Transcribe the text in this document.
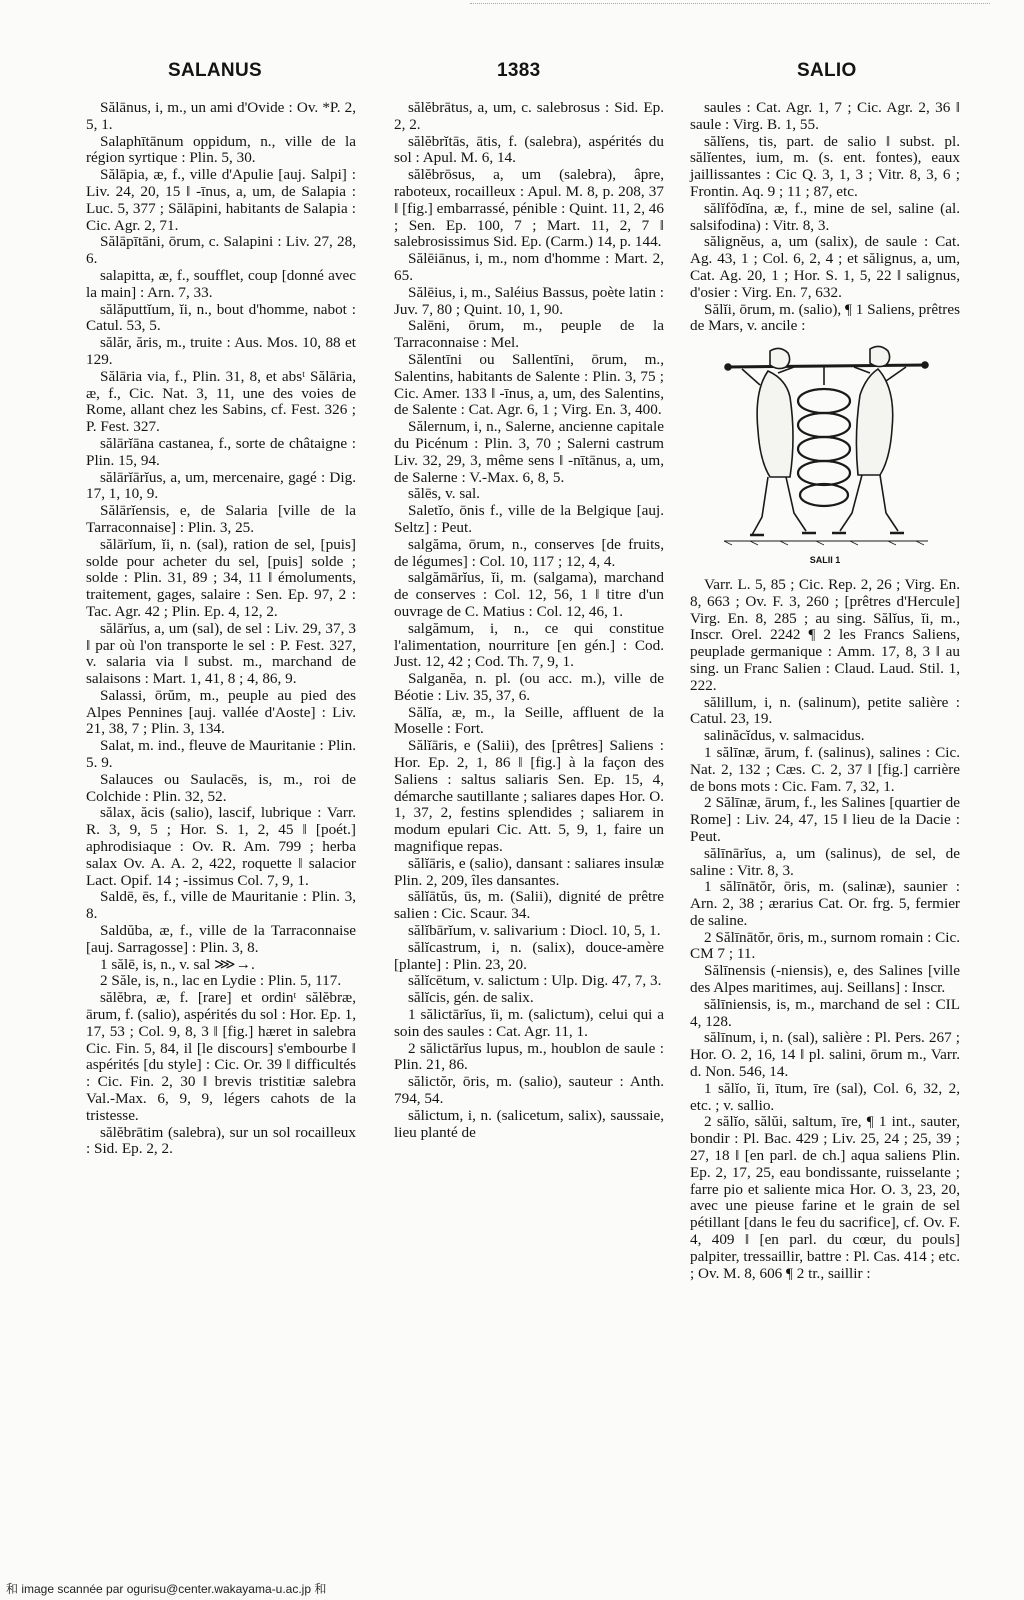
SALANUS	1383	SALIO

Sălānus, i, m., un ami d'Ovide : Ov. *P. 2, 5, 1.

Salaphītānum oppidum, n., ville de la région syrtique : Plin. 5, 30.

Sălāpia, æ, f., ville d'Apulie [auj. Salpi] : Liv. 24, 20, 15 ‖ -īnus, a, um, de Salapia : Luc. 5, 377 ; Sălāpini, habitants de Salapia : Cic. Agr. 2, 71.

Sălāpītāni, ōrum, c. Salapini : Liv. 27, 28, 6.

salapitta, æ, f., soufflet, coup [donné avec la main] : Arn. 7, 33.

sălăputtĭum, ĭi, n., bout d'homme, nabot : Catul. 53, 5.

sălăr, ăris, m., truite : Aus. Mos. 10, 88 et 129.

Sălāria via, f., Plin. 31, 8, et absᵗ Sălāria, æ, f., Cic. Nat. 3, 11, une des voies de Rome, allant chez les Sabins, cf. Fest. 326 ; P. Fest. 327.

sălārĭāna castanea, f., sorte de châtaigne : Plin. 15, 94.

sălārĭārĭus, a, um, mercenaire, gagé : Dig. 17, 1, 10, 9.

Sălārĭensis, e, de Salaria [ville de la Tarraconnaise] : Plin. 3, 25.

sălārĭum, ĭi, n. (sal), ration de sel, [puis] solde pour acheter du sel, [puis] solde ; solde : Plin. 31, 89 ; 34, 11 ‖ émoluments, traitement, gages, salaire : Sen. Ep. 97, 2 : Tac. Agr. 42 ; Plin. Ep. 4, 12, 2.

sălārĭus, a, um (sal), de sel : Liv. 29, 37, 3 ‖ par où l'on transporte le sel : P. Fest. 327, v. salaria via ‖ subst. m., marchand de salaisons : Mart. 1, 41, 8 ; 4, 86, 9.

Salassi, ōrŭm, m., peuple au pied des Alpes Pennines [auj. vallée d'Aoste] : Liv. 21, 38, 7 ; Plin. 3, 134.

Salat, m. ind., fleuve de Mauritanie : Plin. 5. 9.

Salauces ou Saulacēs, is, m., roi de Colchide : Plin. 32, 52.

sălax, ăcis (salio), lascif, lubrique : Varr. R. 3, 9, 5 ; Hor. S. 1, 2, 45 ‖ [poét.] aphrodisiaque : Ov. R. Am. 799 ; herba salax Ov. A. A. 2, 422, roquette ‖ salacior Lact. Opif. 14 ; -issimus Col. 7, 9, 1.

Saldē, ēs, f., ville de Mauritanie : Plin. 3, 8.

Saldŭba, æ, f., ville de la Tarraconnaise [auj. Sarragosse] : Plin. 3, 8.

1 sălē, is, n., v. sal ⋙→.

2 Săle, is, n., lac en Lydie : Plin. 5, 117.

sălĕbra, æ, f. [rare] et ordinᵗ sălĕbræ, ārum, f. (salio), aspérités du sol : Hor. Ep. 1, 17, 53 ; Col. 9, 8, 3 ‖ [fig.] hæret in salebra Cic. Fin. 5, 84, il [le discours] s'embourbe ‖ aspérités [du style] : Cic. Or. 39 ‖ difficultés : Cic. Fin. 2, 30 ‖ brevis tristitiæ salebra Val.-Max. 6, 9, 9, légers cahots de la tristesse.

sălĕbrātim (salebra), sur un sol rocailleux : Sid. Ep. 2, 2.

sălĕbrātus, a, um, c. salebrosus : Sid. Ep. 2, 2.

sălĕbrĭtās, ātis, f. (salebra), aspérités du sol : Apul. M. 6, 14.

sălĕbrōsus, a, um (salebra), âpre, raboteux, rocailleux : Apul. M. 8, p. 208, 37 ‖ [fig.] embarrassé, pénible : Quint. 11, 2, 46 ; Sen. Ep. 100, 7 ; Mart. 11, 2, 7 ‖ salebrosissimus Sid. Ep. (Carm.) 14, p. 144.

Sălēiānus, i, m., nom d'homme : Mart. 2, 65.

Sălēius, i, m., Saléius Bassus, poète latin : Juv. 7, 80 ; Quint. 10, 1, 90.

Salēni, ōrum, m., peuple de la Tarraconnaise : Mel.

Sălentīni ou Sallentīni, ōrum, m., Salentins, habitants de Salente : Plin. 3, 75 ; Cic. Amer. 133 ‖ -īnus, a, um, des Salentins, de Salente : Cat. Agr. 6, 1 ; Virg. En. 3, 400.

Sălernum, i, n., Salerne, ancienne capitale du Picénum : Plin. 3, 70 ; Salerni castrum Liv. 32, 29, 3, même sens ‖ -nītānus, a, um, de Salerne : V.-Max. 6, 8, 5.

sălēs, v. sal.

Saletĭo, ōnis f., ville de la Belgique [auj. Seltz] : Peut.

salgăma, ōrum, n., conserves [de fruits, de légumes] : Col. 10, 117 ; 12, 4, 4.

salgămārĭus, ĭi, m. (salgama), marchand de conserves : Col. 12, 56, 1 ‖ titre d'un ouvrage de C. Matius : Col. 12, 46, 1.

salgămum, i, n., ce qui constitue l'alimentation, nourriture [en gén.] : Cod. Just. 12, 42 ; Cod. Th. 7, 9, 1.

Salganĕa, n. pl. (ou acc. m.), ville de Béotie : Liv. 35, 37, 6.

Sălĭa, æ, m., la Seille, affluent de la Moselle : Fort.

Sălĭāris, e (Salii), des [prêtres] Saliens : Hor. Ep. 2, 1, 86 ‖ [fig.] à la façon des Saliens : saltus saliaris Sen. Ep. 15, 4, démarche sautillante ; saliares dapes Hor. O. 1, 37, 2, festins splendides ; saliarem in modum epulari Cic. Att. 5, 9, 1, faire un magnifique repas.

sălĭāris, e (salio), dansant : saliares insulæ Plin. 2, 209, îles dansantes.

sălĭātŭs, ūs, m. (Salii), dignité de prêtre salien : Cic. Scaur. 34.

sălĭbārĭum, v. salivarium : Diocl. 10, 5, 1.

sălĭcastrum, i, n. (salix), douce-amère [plante] : Plin. 23, 20.

sălĭcētum, v. salictum : Ulp. Dig. 47, 7, 3.

sălĭcis, gén. de salix.

1 sălictārĭus, ĭi, m. (salictum), celui qui a soin des saules : Cat. Agr. 11, 1.

2 sălictārĭus lupus, m., houblon de saule : Plin. 21, 86.

sălictŏr, ōris, m. (salio), sauteur : Anth. 794, 54.

sălictum, i, n. (salicetum, salix), saussaie, lieu planté de

saules : Cat. Agr. 1, 7 ; Cic. Agr. 2, 36 ‖ saule : Virg. B. 1, 55.

sălĭens, tis, part. de salio ‖ subst. pl. sălĭentes, ium, m. (s. ent. fontes), eaux jaillissantes : Cic Q. 3, 1, 3 ; Vitr. 8, 3, 6 ; Frontin. Aq. 9 ; 11 ; 87, etc.

sălĭfŏdĭna, æ, f., mine de sel, saline (al. salsifodina) : Vitr. 8, 3.

sălignĕus, a, um (salix), de saule : Cat. Ag. 43, 1 ; Col. 6, 2, 4 ; et sălignus, a, um, Cat. Ag. 20, 1 ; Hor. S. 1, 5, 22 ‖ salignus, d'osier : Virg. En. 7, 632.

Sălĭi, ōrum, m. (salio), ¶ 1 Saliens, prêtres de Mars, v. ancile :

SALII 1

Varr. L. 5, 85 ; Cic. Rep. 2, 26 ; Virg. En. 8, 663 ; Ov. F. 3, 260 ; [prêtres d'Hercule] Virg. En. 8, 285 ; au sing. Sălĭus, ĭi, m., Inscr. Orel. 2242 ¶ 2 les Francs Saliens, peuplade germanique : Amm. 17, 8, 3 ‖ au sing. un Franc Salien : Claud. Laud. Stil. 1, 222.

sălillum, i, n. (salinum), petite salière : Catul. 23, 19.

salinăcĭdus, v. salmacidus.

1 sălīnæ, ārum, f. (salinus), salines : Cic. Nat. 2, 132 ; Cæs. C. 2, 37 ‖ [fig.] carrière de bons mots : Cic. Fam. 7, 32, 1.

2 Sălīnæ, ārum, f., les Salines [quartier de Rome] : Liv. 24, 47, 15 ‖ lieu de la Dacie : Peut.

sălīnārĭus, a, um (salinus), de sel, de saline : Vitr. 8, 3.

1 sălīnātŏr, ōris, m. (salinæ), saunier : Arn. 2, 38 ; ærarius Cat. Or. frg. 5, fermier de saline.

2 Sălīnātŏr, ōris, m., surnom romain : Cic. CM 7 ; 11.

Sălīnensis (-niensis), e, des Salines [ville des Alpes maritimes, auj. Seillans] : Inscr.

sălīniensis, is, m., marchand de sel : CIL 4, 128.

sălīnum, i, n. (sal), salière : Pl. Pers. 267 ; Hor. O. 2, 16, 14 ‖ pl. salini, ōrum m., Varr. d. Non. 546, 14.

1 sălĭo, ĭi, ītum, īre (sal), Col. 6, 32, 2, etc. ; v. sallio.

2 sălĭo, sălŭi, saltum, īre, ¶ 1 int., sauter, bondir : Pl. Bac. 429 ; Liv. 25, 24 ; 25, 39 ; 27, 18 ‖ [en parl. de ch.] aqua saliens Plin. Ep. 2, 17, 25, eau bondissante, ruisselante ; farre pio et saliente mica Hor. O. 3, 23, 20, avec une pieuse farine et le grain de sel pétillant [dans le feu du sacrifice], cf. Ov. F. 4, 409 ‖ [en parl. du cœur, du pouls] palpiter, tressaillir, battre : Pl. Cas. 414 ; etc. ; Ov. M. 8, 606 ¶ 2 tr., saillir :

和 image scannée par ogurisu@center.wakayama-u.ac.jp 和
